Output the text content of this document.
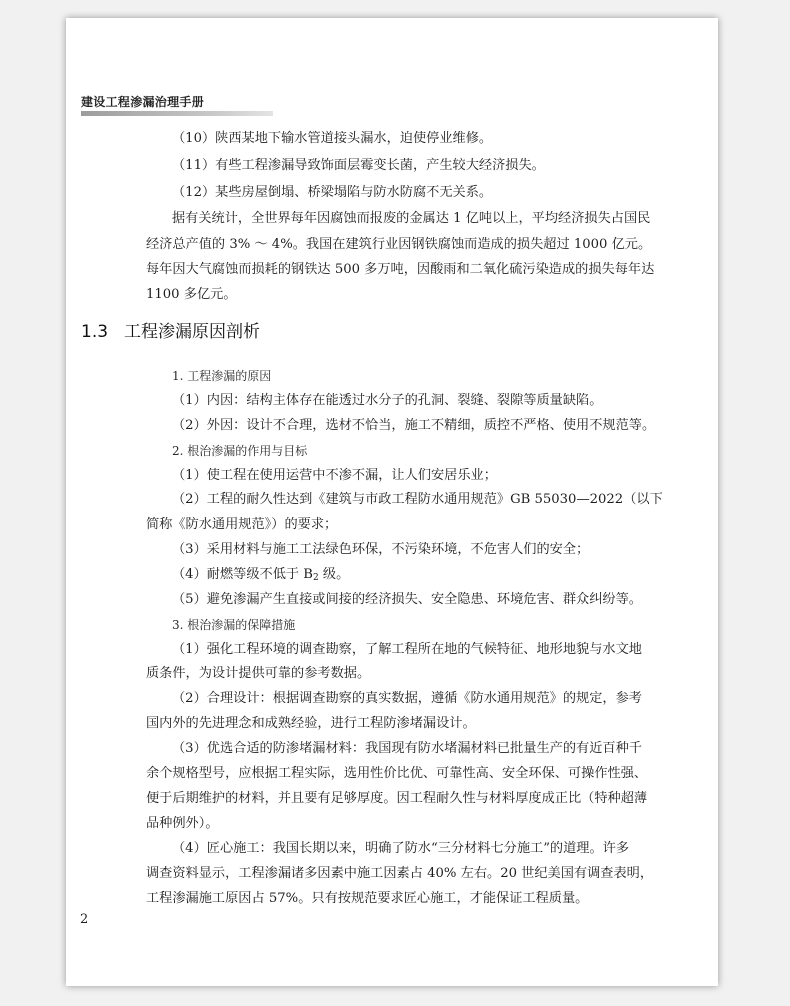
建设工程渗漏治理手册
（10）陕西某地下输水管道接头漏水，迫使停业维修。
（11）有些工程渗漏导致饰面层霉变长菌，产生较大经济损失。
（12）某些房屋倒塌、桥梁塌陷与防水防腐不无关系。
据有关统计，全世界每年因腐蚀而报废的金属达 1 亿吨以上，平均经济损失占国民
经济总产值的 3% ～ 4%。我国在建筑行业因钢铁腐蚀而造成的损失超过 1000 亿元。
每年因大气腐蚀而损耗的钢铁达 500 多万吨，因酸雨和二氧化硫污染造成的损失每年达
1100 多亿元。
1.3 工程渗漏原因剖析
1. 工程渗漏的原因
（1）内因：结构主体存在能透过水分子的孔洞、裂缝、裂隙等质量缺陷。
（2）外因：设计不合理，选材不恰当，施工不精细，质控不严格、使用不规范等。
2. 根治渗漏的作用与目标
（1）使工程在使用运营中不渗不漏，让人们安居乐业；
（2）工程的耐久性达到《建筑与市政工程防水通用规范》GB 55030—2022（以下
简称《防水通用规范》）的要求；
（3）采用材料与施工工法绿色环保，不污染环境，不危害人们的安全；
（4）耐燃等级不低于 $B_2$ 级。
（5）避免渗漏产生直接或间接的经济损失、安全隐患、环境危害、群众纠纷等。
3. 根治渗漏的保障措施
（1）强化工程环境的调查勘察，了解工程所在地的气候特征、地形地貌与水文地
质条件，为设计提供可靠的参考数据。
（2）合理设计：根据调查勘察的真实数据，遵循《防水通用规范》的规定，参考
国内外的先进理念和成熟经验，进行工程防渗堵漏设计。
（3）优选合适的防渗堵漏材料：我国现有防水堵漏材料已批量生产的有近百种千
余个规格型号，应根据工程实际，选用性价比优、可靠性高、安全环保、可操作性强、
便于后期维护的材料，并且要有足够厚度。因工程耐久性与材料厚度成正比（特种超薄
品种例外）。
（4）匠心施工：我国长期以来，明确了防水“三分材料七分施工”的道理。许多
调查资料显示，工程渗漏诸多因素中施工因素占 40% 左右。20 世纪美国有调查表明，
工程渗漏施工原因占 57%。只有按规范要求匠心施工，才能保证工程质量。
2
